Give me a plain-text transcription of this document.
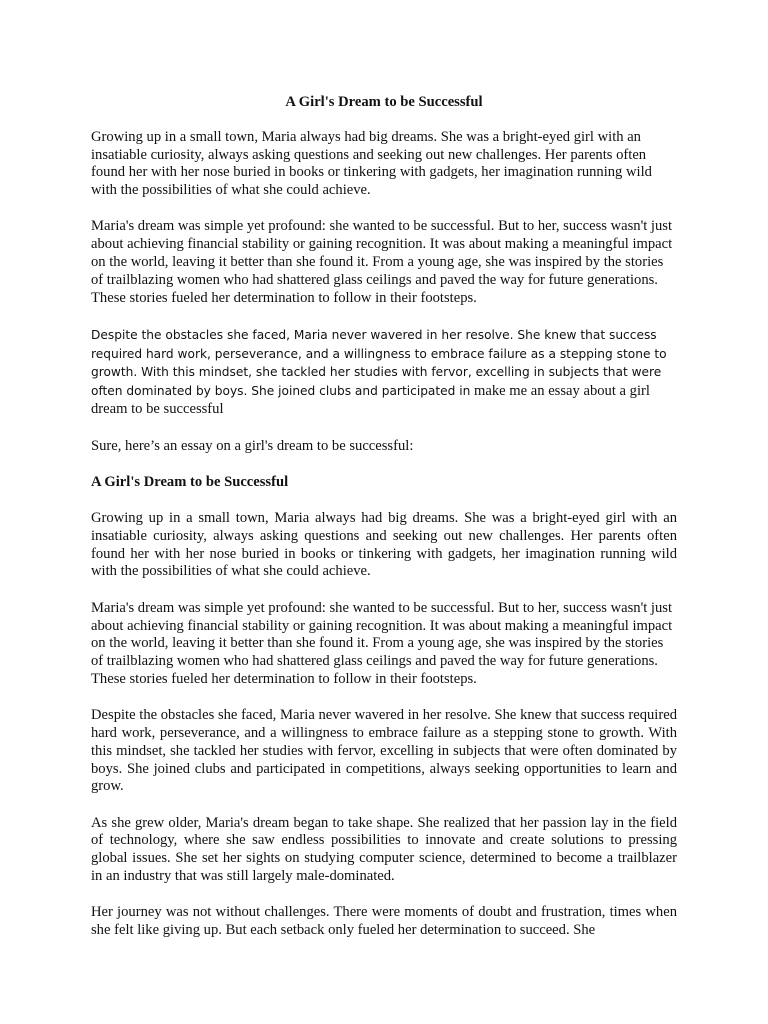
A Girl's Dream to be Successful

Growing up in a small town, Maria always had big dreams. She was a bright-eyed girl with an insatiable curiosity, always asking questions and seeking out new challenges. Her parents often found her with her nose buried in books or tinkering with gadgets, her imagination running wild with the possibilities of what she could achieve.

Maria's dream was simple yet profound: she wanted to be successful. But to her, success wasn't just about achieving financial stability or gaining recognition. It was about making a meaningful impact on the world, leaving it better than she found it. From a young age, she was inspired by the stories of trailblazing women who had shattered glass ceilings and paved the way for future generations. These stories fueled her determination to follow in their footsteps.

Despite the obstacles she faced, Maria never wavered in her resolve. She knew that success required hard work, perseverance, and a willingness to embrace failure as a stepping stone to growth. With this mindset, she tackled her studies with fervor, excelling in subjects that were often dominated by boys. She joined clubs and participated in make me an essay about a girl dream to be successful

Sure, here’s an essay on a girl's dream to be successful:

A Girl's Dream to be Successful

Growing up in a small town, Maria always had big dreams. She was a bright-eyed girl with an insatiable curiosity, always asking questions and seeking out new challenges. Her parents often found her with her nose buried in books or tinkering with gadgets, her imagination running wild with the possibilities of what she could achieve.

Maria's dream was simple yet profound: she wanted to be successful. But to her, success wasn't just about achieving financial stability or gaining recognition. It was about making a meaningful impact on the world, leaving it better than she found it. From a young age, she was inspired by the stories of trailblazing women who had shattered glass ceilings and paved the way for future generations. These stories fueled her determination to follow in their footsteps.

Despite the obstacles she faced, Maria never wavered in her resolve. She knew that success required hard work, perseverance, and a willingness to embrace failure as a stepping stone to growth. With this mindset, she tackled her studies with fervor, excelling in subjects that were often dominated by boys. She joined clubs and participated in competitions, always seeking opportunities to learn and grow.

As she grew older, Maria's dream began to take shape. She realized that her passion lay in the field of technology, where she saw endless possibilities to innovate and create solutions to pressing global issues. She set her sights on studying computer science, determined to become a trailblazer in an industry that was still largely male-dominated.

Her journey was not without challenges. There were moments of doubt and frustration, times when she felt like giving up. But each setback only fueled her determination to succeed. She
